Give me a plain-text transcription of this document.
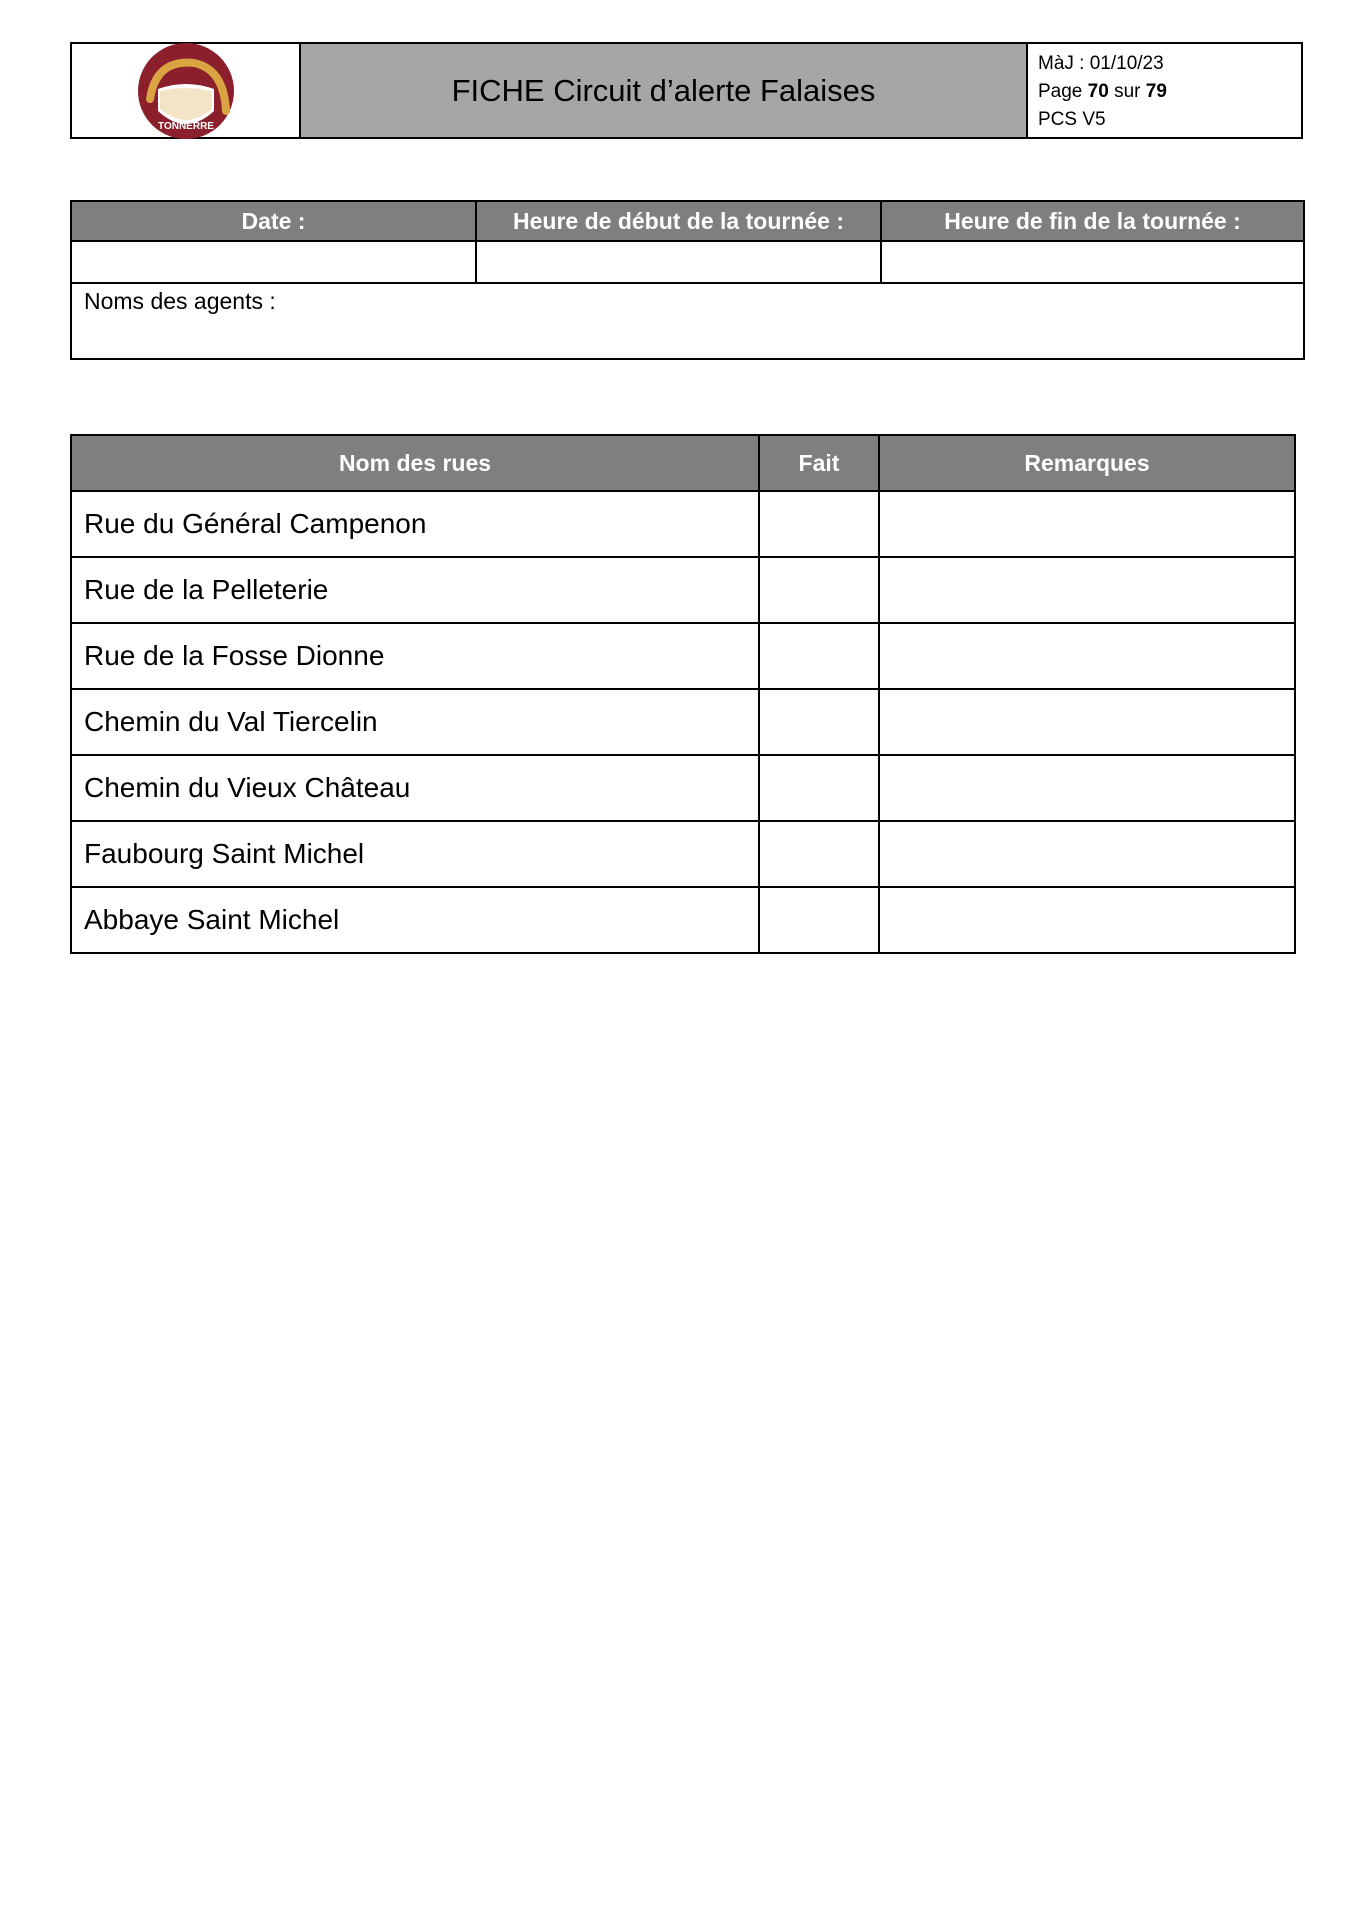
TONNERRE
FICHE Circuit d’alerte Falaises
MàJ : 01/10/23
Page 70 sur 79
PCS V5
Date :	Heure de début de la tournée :	Heure de fin de la tournée :

Noms des agents :		
Nom des rues	Fait	Remarques
Rue du Général Campenon		
Rue de la Pelleterie		
Rue de la Fosse Dionne		
Chemin du Val Tiercelin		
Chemin du Vieux Château		
Faubourg Saint Michel		
Abbaye Saint Michel		
